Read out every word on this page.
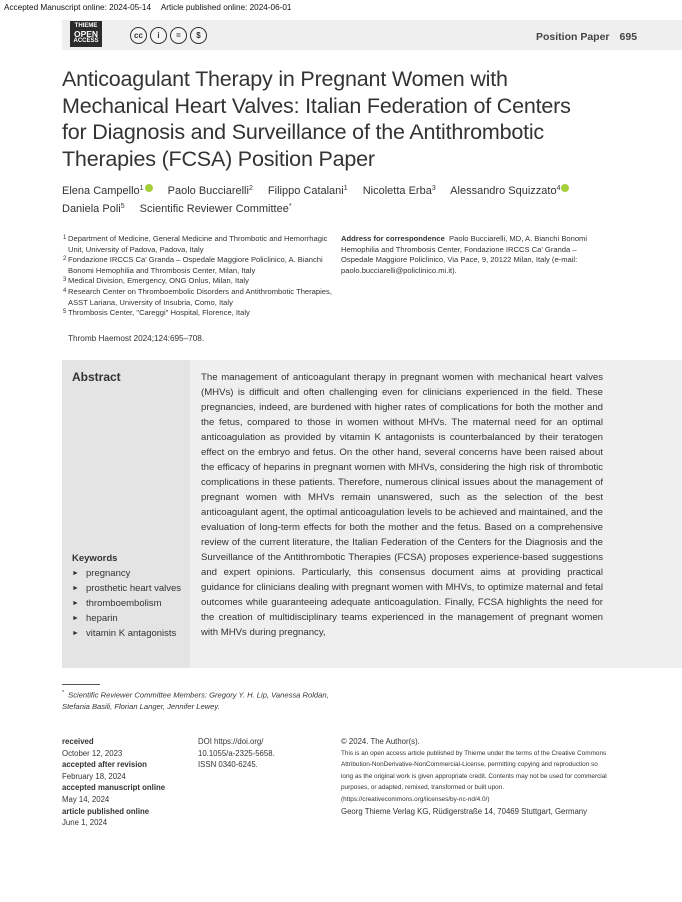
Accepted Manuscript online: 2024-05-14 Article published online: 2024-06-01
THIEME
OPEN
ACCESS
cc	i	=	$	Position Paper 695
Anticoagulant Therapy in Pregnant Women with Mechanical Heart Valves: Italian Federation of Centers for Diagnosis and Surveillance of the Antithrombotic Therapies (FCSA) Position Paper
Elena Campello$^1$ Paolo Bucciarelli$^2$ Filippo Catalani$^1$ Nicoletta Erba$^3$ Alessandro Squizzato$^4$
Daniela Poli$^5$ Scientific Reviewer Committee*
1 Department of Medicine, General Medicine and Thrombotic and Hemorrhagic Unit, University of Padova, Padova, Italy
2 Fondazione IRCCS Ca' Granda – Ospedale Maggiore Policlinico, A. Bianchi Bonomi Hemophilia and Thrombosis Center, Milan, Italy
3 Medical Division, Emergency, ONG Onlus, Milan, Italy
4 Research Center on Thromboembolic Disorders and Antithrombotic Therapies, ASST Lariana, University of Insubria, Como, Italy
5 Thrombosis Center, "Careggi" Hospital, Florence, Italy
Address for correspondence Paolo Bucciarelli, MD, A. Bianchi Bonomi Hemophilia and Thrombosis Center, Fondazione IRCCS Ca' Granda – Ospedale Maggiore Policlinico, Via Pace, 9, 20122 Milan, Italy (e-mail: paolo.bucciarelli@policlinico.mi.it).
Thromb Haemost 2024;124:695–708.
Abstract	The management of anticoagulant therapy in pregnant women with mechanical heart valves (MHVs) is difficult and often challenging even for clinicians experienced in the field. These pregnancies, indeed, are burdened with higher rates of complications for both the mother and the fetus, compared to those in women without MHVs. The maternal need for an optimal anticoagulation as provided by vitamin K antagonists is counterbalanced by their teratogen effect on the embryo and fetus. On the other hand, several concerns have been raised about the efficacy of heparins in pregnant women with MHVs, considering the high risk of thrombotic complications in these patients. Therefore, numerous clinical issues about the management of pregnant women with MHVs remain unanswered, such as the selection of the best anticoagulant agent, the optimal anticoagulation levels to be achieved and maintained, and the evaluation of long-term effects for both the mother and the fetus. Based on a comprehensive review of the current literature, the Italian Federation of the Centers for the Diagnosis and the Surveillance of the Antithrombotic Therapies (FCSA) proposes experience-based suggestions and expert opinions. Particularly, this consensus document aims at providing practical guidance for clinicians dealing with pregnant women with MHVs, to optimize maternal and fetal outcomes while guaranteeing adequate anticoagulation. Finally, FCSA highlights the need for the creation of multidisciplinary teams experienced in the management of pregnant women with MHVs during pregnancy,
Keywords
► pregnancy
► prosthetic heart valves
► thromboembolism
► heparin
► vitamin K antagonists
* Scientific Reviewer Committee Members: Gregory Y. H. Lip, Vanessa Roldan, Stefania Basili, Florian Langer, Jennifer Lewey.
received
October 12, 2023
accepted after revision
February 18, 2024
accepted manuscript online
May 14, 2024
article published online
June 1, 2024
DOI https://doi.org/
10.1055/a-2325-5658.
ISSN 0340-6245.
© 2024. The Author(s).
This is an open access article published by Thieme under the terms of the Creative Commons Attribution-NonDerivative-NonCommercial-License, permitting copying and reproduction so long as the original work is given appropriate credit. Contents may not be used for commercial purposes, or adapted, remixed, transformed or built upon. (https://creativecommons.org/licenses/by-nc-nd/4.0/)
Georg Thieme Verlag KG, Rüdigerstraße 14, 70469 Stuttgart, Germany
